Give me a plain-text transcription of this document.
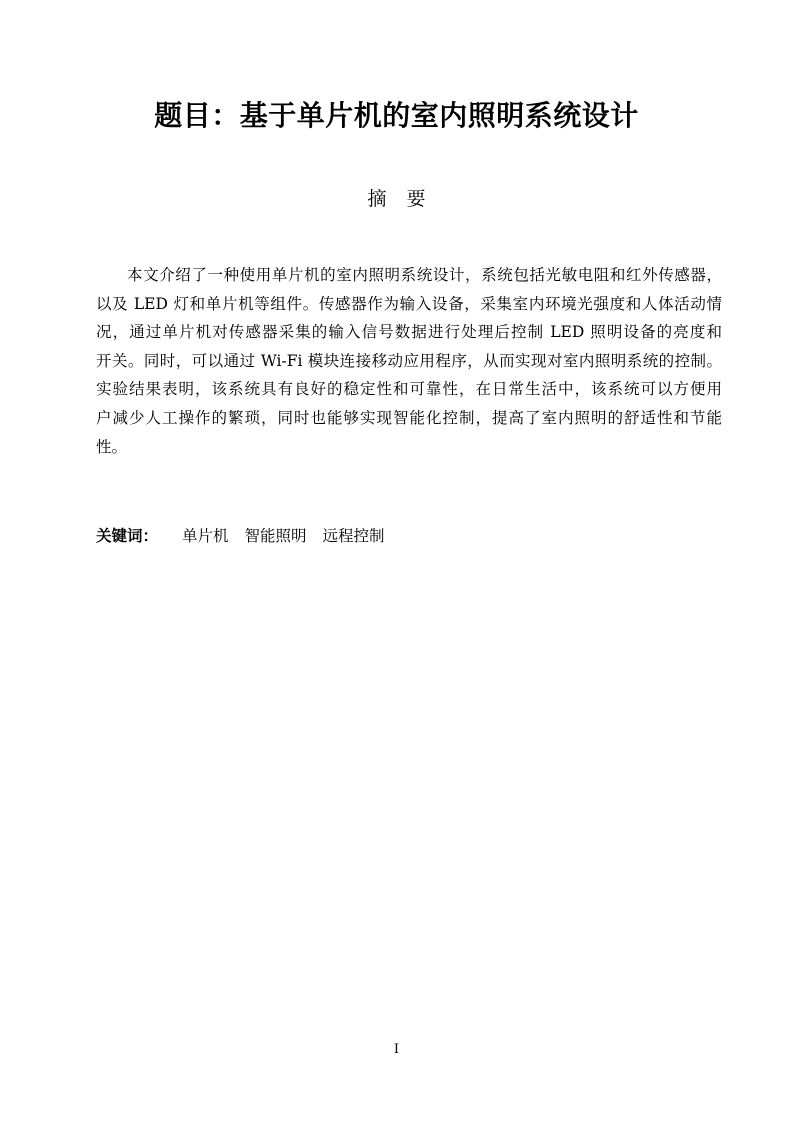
题目：基于单片机的室内照明系统设计
摘 要
本文介绍了一种使用单片机的室内照明系统设计，系统包括光敏电阻和红外传感器，
以及 LED 灯和单片机等组件。传感器作为输入设备，采集室内环境光强度和人体活动情
况，通过单片机对传感器采集的输入信号数据进行处理后控制 LED 照明设备的亮度和
开关。同时，可以通过 Wi-Fi 模块连接移动应用程序，从而实现对室内照明系统的控制。
实验结果表明，该系统具有良好的稳定性和可靠性，在日常生活中，该系统可以方便用
户减少人工操作的繁琐，同时也能够实现智能化控制，提高了室内照明的舒适性和节能
性。
关键词： 单片机 智能照明 远程控制
I
